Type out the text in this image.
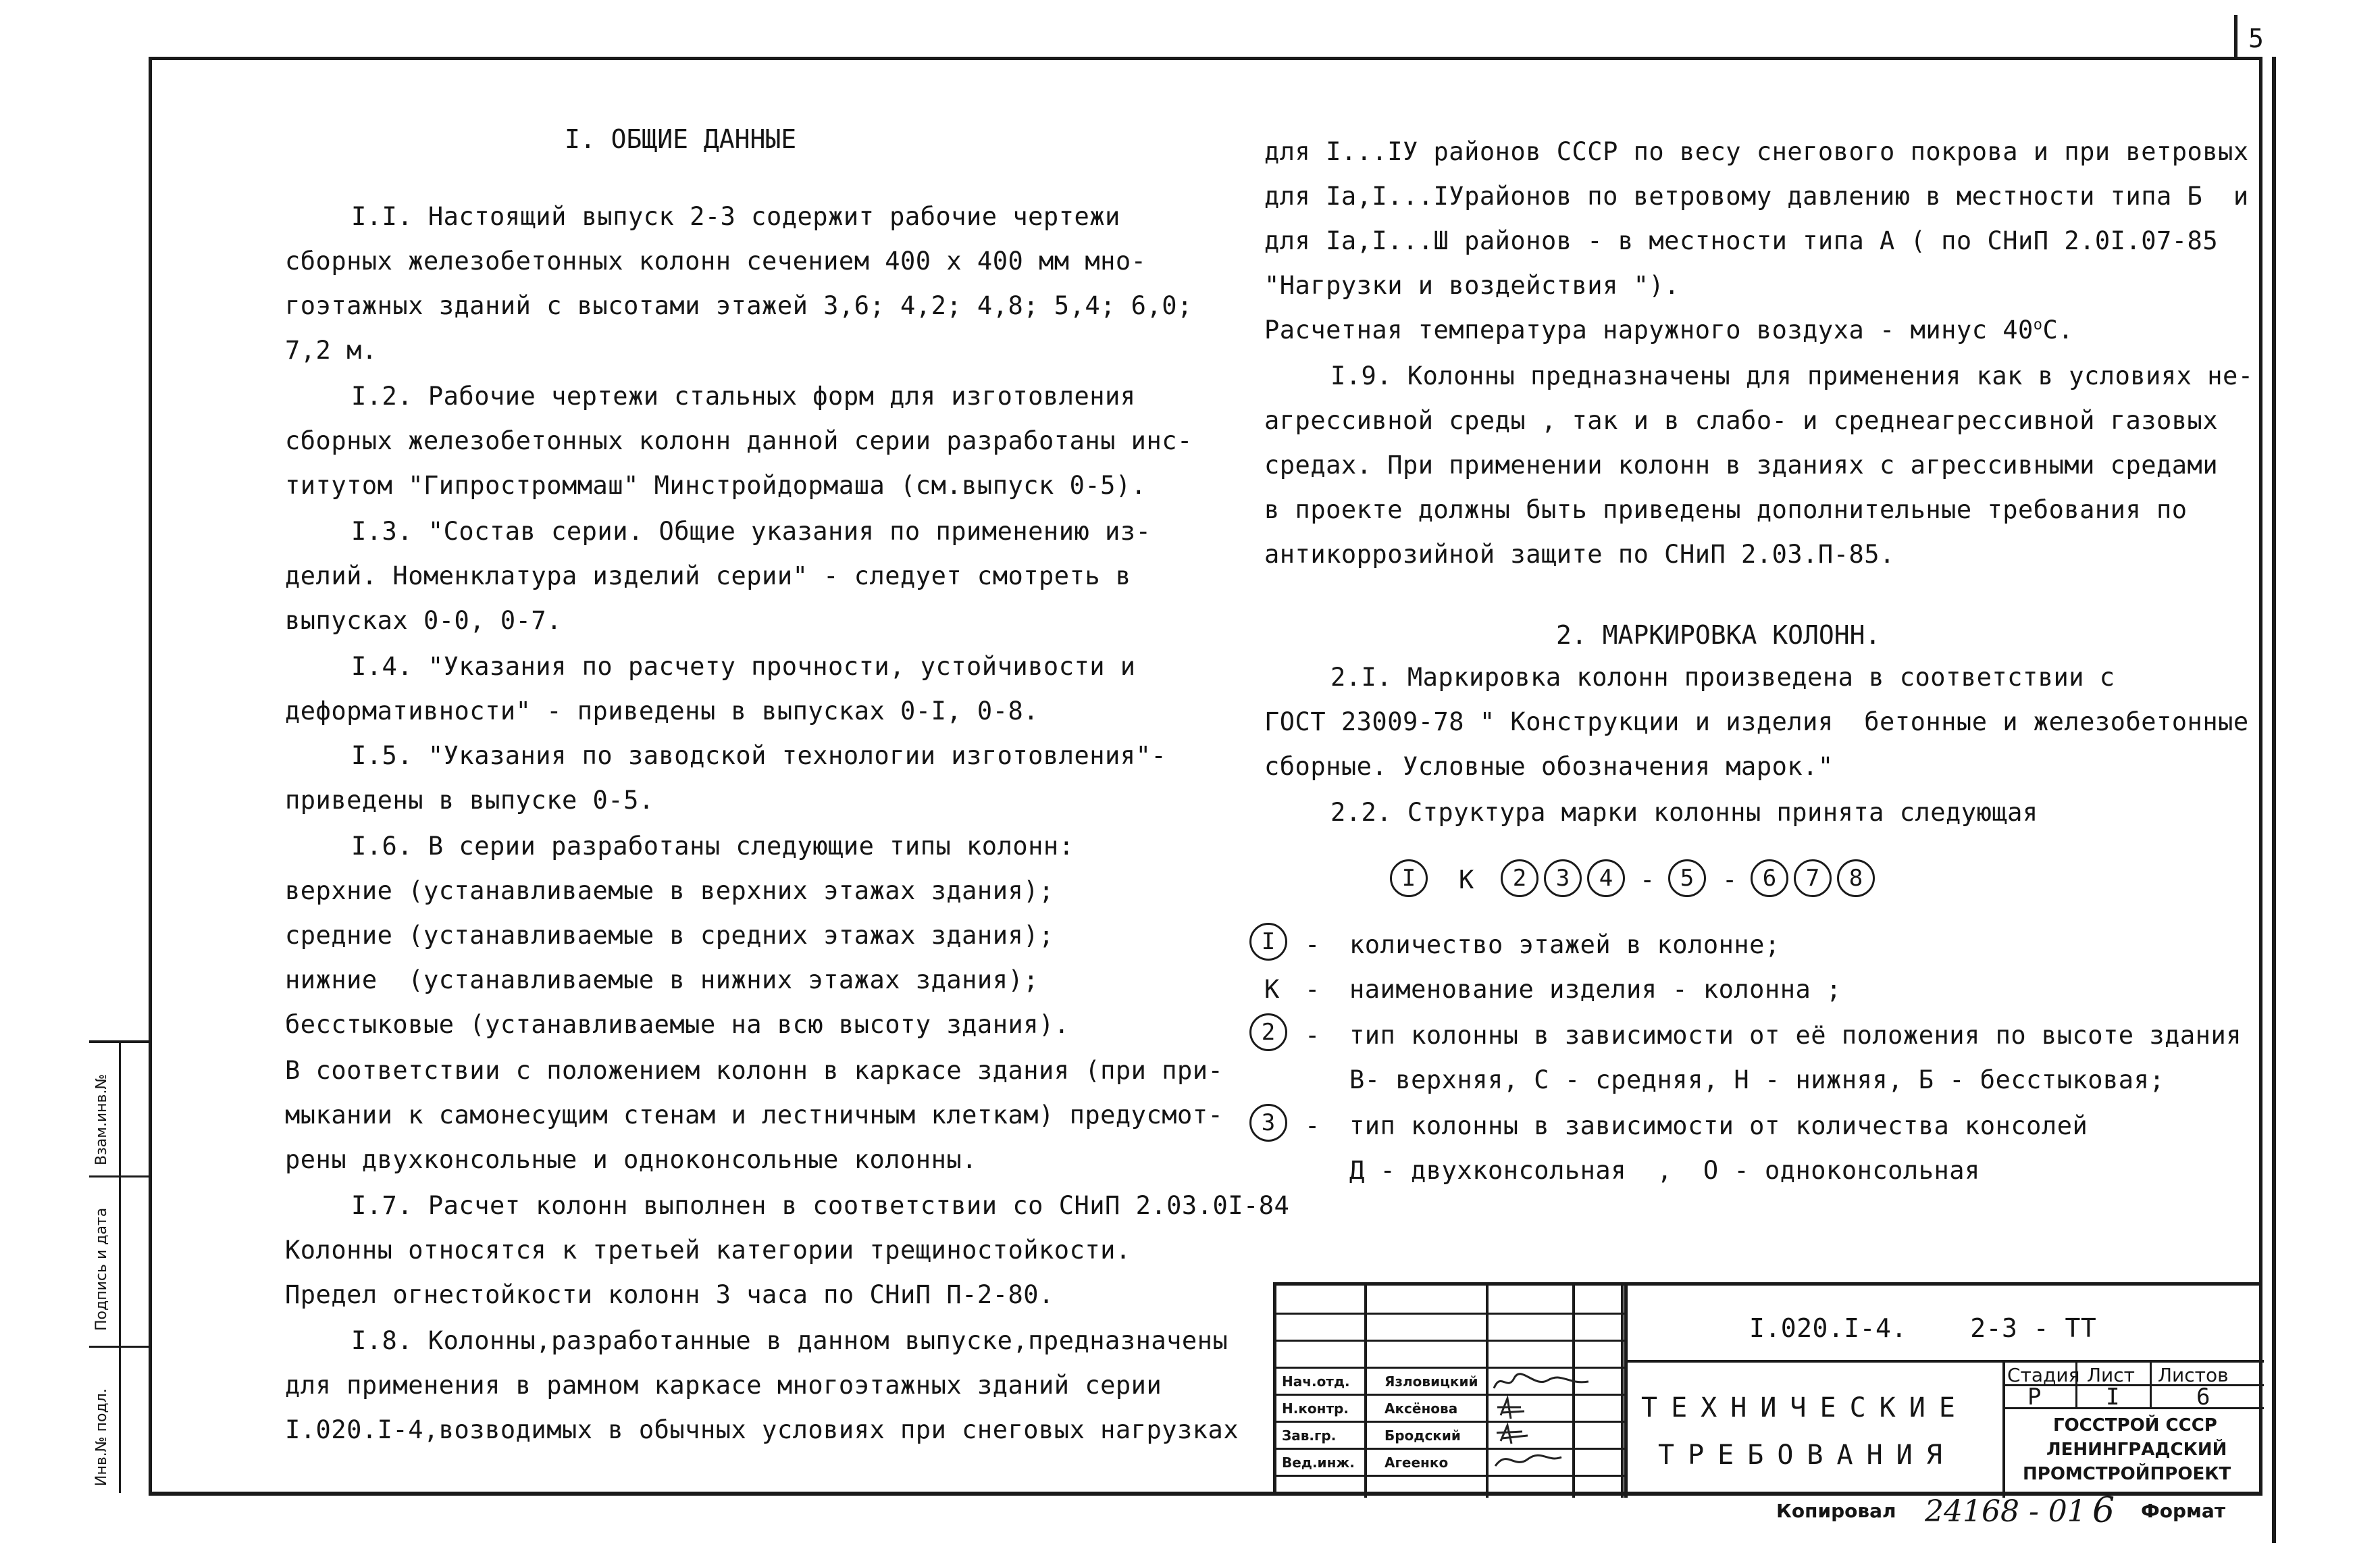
5
Взам.инв.№
Подпись и дата
Инв.№ подл.
I. ОБЩИЕ ДАННЫЕ
I.I. Настоящий выпуск 2-3 содержит рабочие чертежи
сборных железобетонных колонн сечением 400 х 400 мм мно-
гоэтажных зданий с высотами этажей 3,6; 4,2; 4,8; 5,4; 6,0;
7,2 м.
I.2. Рабочие чертежи стальных форм для изготовления
сборных железобетонных колонн данной серии разработаны инс-
титутом "Гипростроммаш" Минстройдормаша (см.выпуск 0-5).
I.3. "Состав серии. Общие указания по применению из-
делий. Номенклатура изделий серии" - следует смотреть в
выпусках 0-0, 0-7.
I.4. "Указания по расчету прочности, устойчивости и
деформативности" - приведены в выпусках 0-I, 0-8.
I.5. "Указания по заводской технологии изготовления"-
приведены в выпуске 0-5.
I.6. В серии разработаны следующие типы колонн:
верхние (устанавливаемые в верхних этажах здания);
средние (устанавливаемые в средних этажах здания);
нижние  (устанавливаемые в нижних этажах здания);
бесстыковые (устанавливаемые на всю высоту здания).
В соответствии с положением колонн в каркасе здания (при при-
мыкании к самонесущим стенам и лестничным клеткам) предусмот-
рены двухконсольные и одноконсольные колонны.
I.7. Расчет колонн выполнен в соответствии со СНиП 2.03.0I-84
Колонны относятся к третьей категории трещиностойкости.
Предел огнестойкости колонн 3 часа по СНиП П-2-80.
I.8. Колонны,разработанные в данном выпуске,предназначены
для применения в рамном каркасе многоэтажных зданий серии
I.020.I-4,возводимых в обычных условиях при снеговых нагрузках
для I...IУ районов СССР по весу снегового покрова и при ветровых
для Iа,I...IУрайонов по ветровому давлению в местности типа Б  и
для Iа,I...Ш районов - в местности типа А ( по СНиП 2.0I.07-85
"Нагрузки и воздействия ").
Расчетная температура наружного воздуха - минус $40^оС$.
I.9. Колонны предназначены для применения как в условиях не-
агрессивной среды , так и в слабо- и среднеагрессивной газовых
средах. При применении колонн в зданиях с агрессивными средами
в проекте должны быть приведены дополнительные требования по
антикоррозийной защите по СНиП 2.03.П-85.
2. МАРКИРОВКА КОЛОНН.
2.I. Маркировка колонн произведена в соответствии с
ГОСТ 23009-78 " Конструкции и изделия  бетонные и железобетонные
сборные. Условные обозначения марок."
2.2. Структура марки колонны принята следующая
I	К	2	3	4	-	5	-	6	7	8
I	- количество этажей в колонне;
К - наименование изделия - колонна ;
2	- тип колонны в зависимости от её положения по высоте здания
В- верхняя, С - средняя, Н - нижняя, Б - бесстыковая;
3	- тип колонны в зависимости от количества консолей
Д - двухконсольная  ,  О - одноконсольная
Нач.отд.	Язловицкий
Н.контр.	Аксёнова
Зав.гр.	Бродский
Вед.инж. Агеенко
I.020.I-4.    2-3 - ТТ
ТЕХНИЧЕСКИЕ
ТРЕБОВАНИЯ
Стадия Лист Листов
Р	I	6
ГОССТРОЙ СССР
ЛЕНИНГРАДСКИЙ
ПРОМСТРОЙПРОЕКТ
Копировал 24168 - 01 6 Формат
